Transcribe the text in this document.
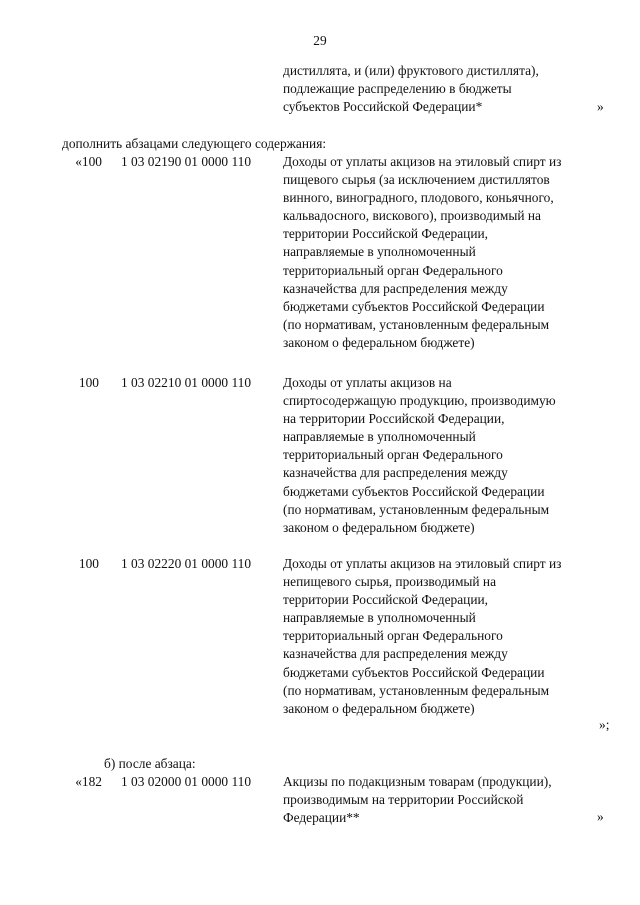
29
дистиллята, и (или) фруктового дистиллята),
подлежащие распределению в бюджеты
субъектов Российской Федерации*	»
дополнить абзацами следующего содержания:
«100 1 03 02190 01 0000 110 Доходы от уплаты акцизов на этиловый спирт из
пищевого сырья (за исключением дистиллятов
винного, виноградного, плодового, коньячного,
кальвадосного, вискового), производимый на
территории Российской Федерации,
направляемые в уполномоченный
территориальный орган Федерального
казначейства для распределения между
бюджетами субъектов Российской Федерации
(по нормативам, установленным федеральным
законом о федеральном бюджете)
100 1 03 02210 01 0000 110 Доходы от уплаты акцизов на
спиртосодержащую продукцию, производимую
на территории Российской Федерации,
направляемые в уполномоченный
территориальный орган Федерального
казначейства для распределения между
бюджетами субъектов Российской Федерации
(по нормативам, установленным федеральным
законом о федеральном бюджете)
100 1 03 02220 01 0000 110 Доходы от уплаты акцизов на этиловый спирт из
непищевого сырья, производимый на
территории Российской Федерации,
направляемые в уполномоченный
территориальный орган Федерального
казначейства для распределения между
бюджетами субъектов Российской Федерации
(по нормативам, установленным федеральным
законом о федеральном бюджете)
»;
б) после абзаца:
«182 1 03 02000 01 0000 110 Акцизы по подакцизным товарам (продукции),
производимым на территории Российской
Федерации**	»
